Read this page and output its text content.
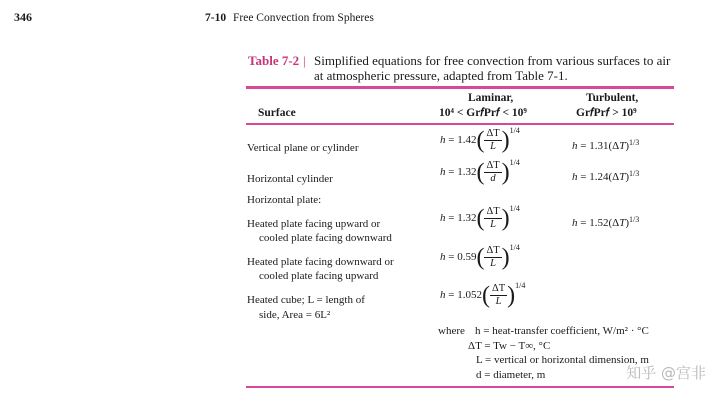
346	7-10 Free Convection from Spheres
Table 7-2 | Simplified equations for free convection from various surfaces to air
at atmospheric pressure, adapted from Table 7-1.
Surface
Laminar,
10⁴ < Gr𝑓Pr𝑓 < 10⁹
Turbulent,
Gr𝑓Pr𝑓 > 10⁹
Vertical plane or cylinder
$h = 1.42( \frac{\Delta T}{L} )^{1/4}$
$h = 1.31(\Delta T)^{1/3}$
Horizontal cylinder
$h = 1.32( \frac{\Delta T}{d} )^{1/4}$
$h = 1.24(\Delta T)^{1/3}$
Horizontal plate:
Heated plate facing upward or
cooled plate facing downward
$h = 1.32( \frac{\Delta T}{L} )^{1/4}$
$h = 1.52(\Delta T)^{1/3}$
Heated plate facing downward or
cooled plate facing upward
$h = 0.59( \frac{\Delta T}{L} )^{1/4}$
Heated cube; L = length of
side, Area = 6L²
$h = 1.052( \frac{\Delta T}{L} )^{1/4}$
where h = heat-transfer coefficient, W/m² · °C
ΔT = Tw − T∞, °C
L = vertical or horizontal dimension, m
d = diameter, m	知乎 @宫非
